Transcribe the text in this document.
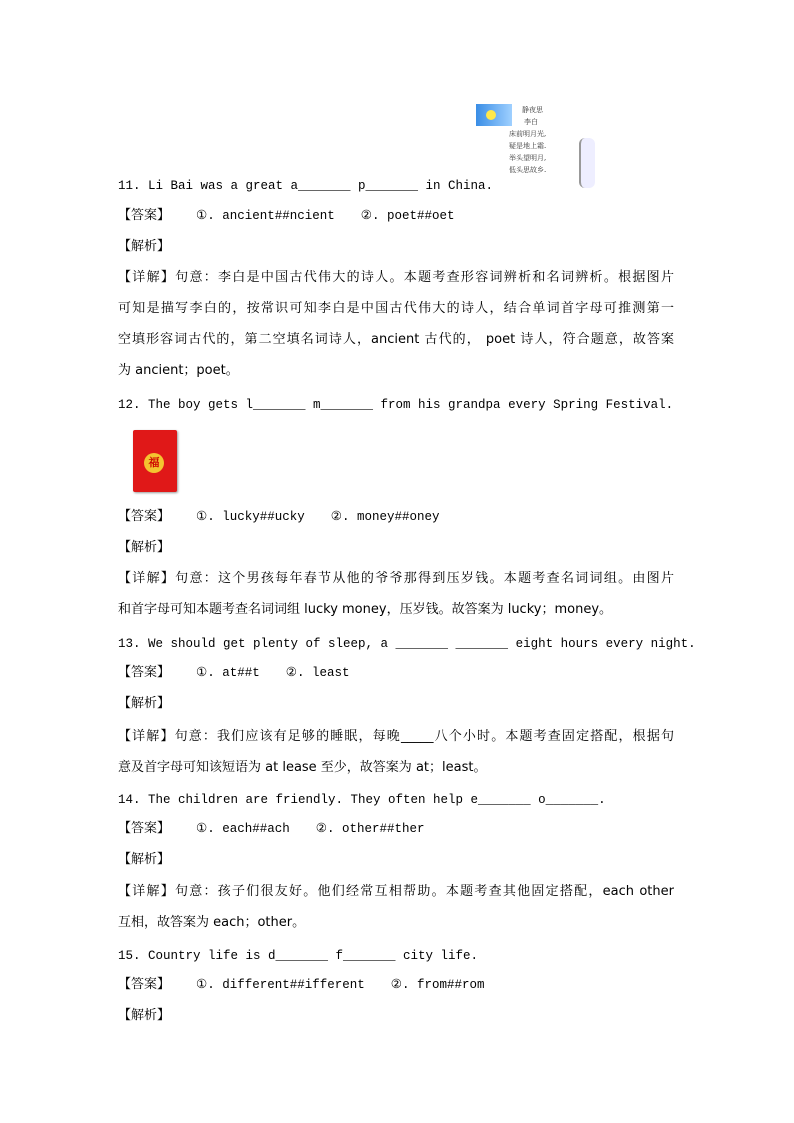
静夜思
李白
床前明月光,
疑是地上霜.
举头望明月,
低头思故乡.
11. Li Bai was a great a_______ p_______ in China.
【答案】 ①. ancient##ncient ②. poet##oet
【解析】
【详解】句意：李白是中国古代伟大的诗人。本题考查形容词辨析和名词辨析。根据图片
可知是描写李白的，按常识可知李白是中国古代伟大的诗人，结合单词首字母可推测第一
空填形容词古代的，第二空填名词诗人，ancient 古代的， poet 诗人，符合题意，故答案
为 ancient；poet。
12. The boy gets l_______ m_______ from his grandpa every Spring Festival.
福
【答案】 ①. lucky##ucky ②. money##oney
【解析】
【详解】句意：这个男孩每年春节从他的爷爷那得到压岁钱。本题考查名词词组。由图片
和首字母可知本题考查名词词组 lucky money，压岁钱。故答案为 lucky；money。
13. We should get plenty of sleep, a _______ _______ eight hours every night.
【答案】 ①. at##t ②. least
【解析】
【详解】句意：我们应该有足够的睡眠，每晚_____八个小时。本题考查固定搭配，根据句
意及首字母可知该短语为 at lease 至少，故答案为 at；least。
14. The children are friendly. They often help e_______ o_______.
【答案】 ①. each##ach ②. other##ther
【解析】
【详解】句意：孩子们很友好。他们经常互相帮助。本题考查其他固定搭配，each other
互相，故答案为 each；other。
15. Country life is d_______ f_______ city life.
【答案】 ①. different##ifferent ②. from##rom
【解析】
